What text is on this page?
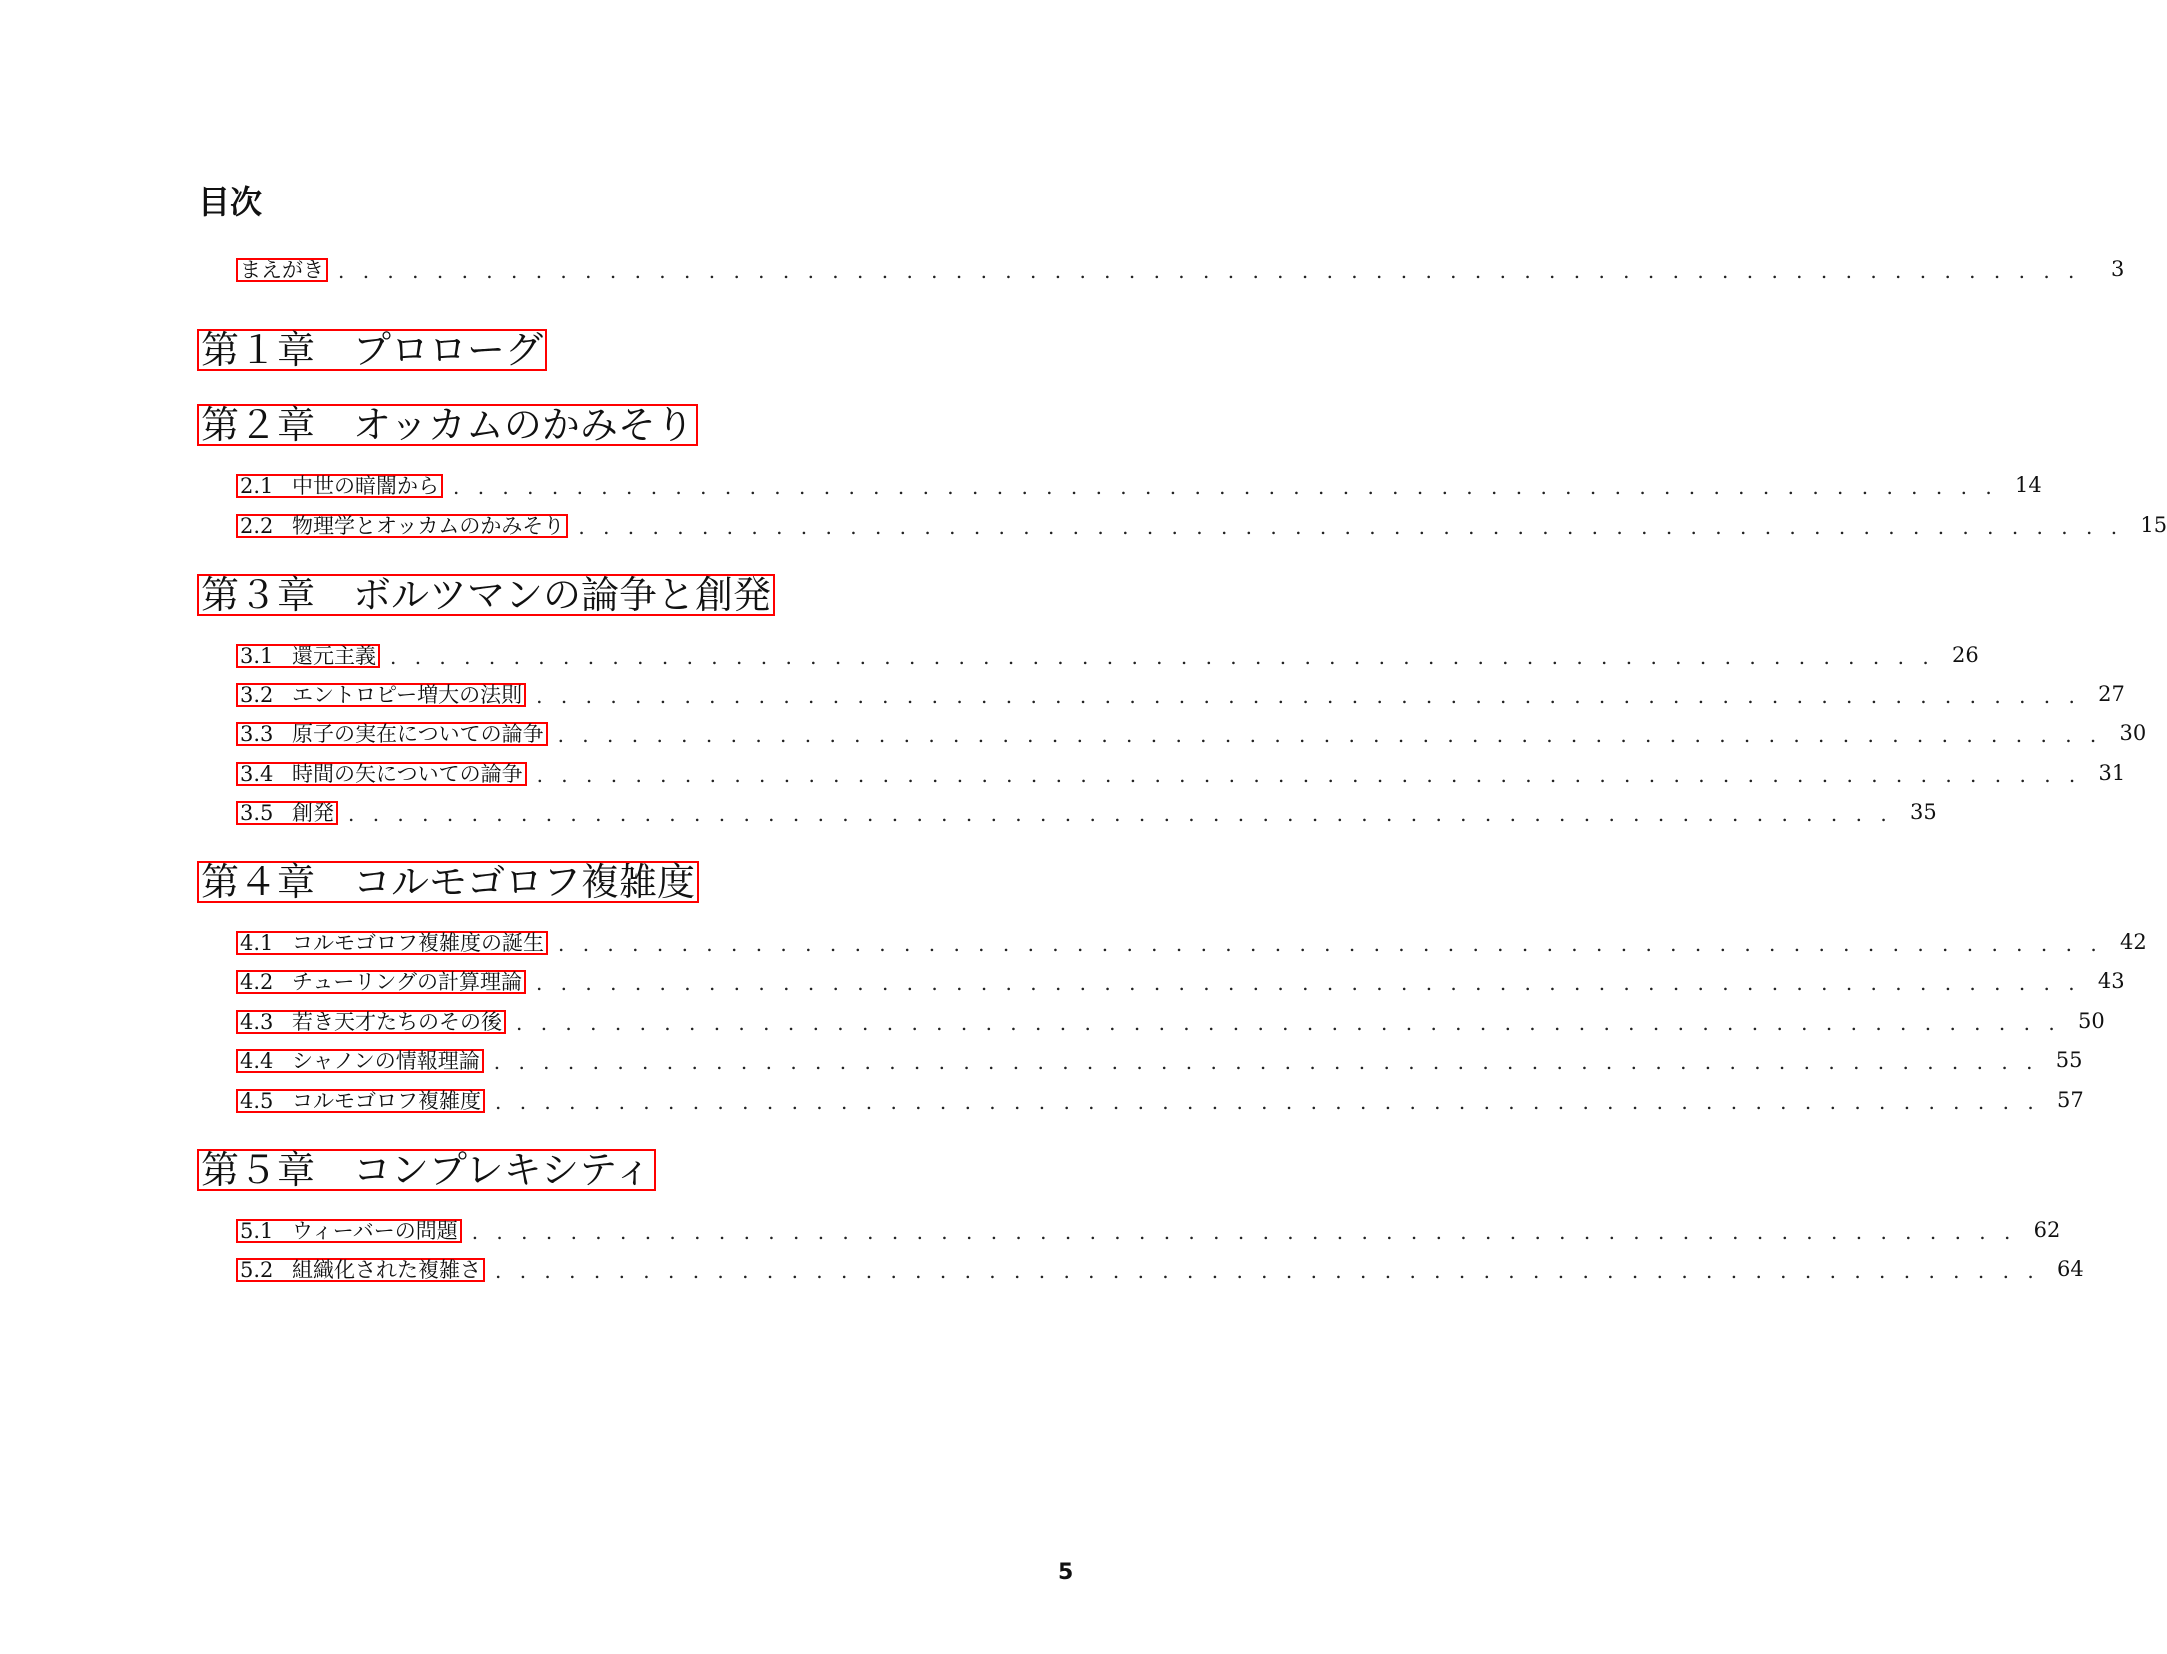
目次
まえがき . . . . . . . . . . . . . . . . . . . . . . . . . . . . . . . . . . . . . . . . . . . . . . . . . . . . . . . . . . . . . . . . . . . . . . .	3
第１章　プロローグ
第２章　オッカムのかみそり
2.1 中世の暗闇から . . . . . . . . . . . . . . . . . . . . . . . . . . . . . . . . . . . . . . . . . . . . . . . . . . . . . . . . . . . . . . . 14
2.2 物理学とオッカムのかみそり . . . . . . . . . . . . . . . . . . . . . . . . . . . . . . . . . . . . . . . . . . . . . . . . . . . . . . . . . . . . . . . 15
第３章　ボルツマンの論争と創発
3.1 還元主義 . . . . . . . . . . . . . . . . . . . . . . . . . . . . . . . . . . . . . . . . . . . . . . . . . . . . . . . . . . . . . . . 26
3.2 エントロピー増大の法則 . . . . . . . . . . . . . . . . . . . . . . . . . . . . . . . . . . . . . . . . . . . . . . . . . . . . . . . . . . . . . . . 27
3.3 原子の実在についての論争 . . . . . . . . . . . . . . . . . . . . . . . . . . . . . . . . . . . . . . . . . . . . . . . . . . . . . . . . . . . . . . . 30
3.4 時間の矢についての論争 . . . . . . . . . . . . . . . . . . . . . . . . . . . . . . . . . . . . . . . . . . . . . . . . . . . . . . . . . . . . . . . 31
3.5 創発 . . . . . . . . . . . . . . . . . . . . . . . . . . . . . . . . . . . . . . . . . . . . . . . . . . . . . . . . . . . . . . . 35
第４章　コルモゴロフ複雑度
4.1 コルモゴロフ複雑度の誕生 . . . . . . . . . . . . . . . . . . . . . . . . . . . . . . . . . . . . . . . . . . . . . . . . . . . . . . . . . . . . . . . 42
4.2 チューリングの計算理論 . . . . . . . . . . . . . . . . . . . . . . . . . . . . . . . . . . . . . . . . . . . . . . . . . . . . . . . . . . . . . . . 43
4.3 若き天才たちのその後 . . . . . . . . . . . . . . . . . . . . . . . . . . . . . . . . . . . . . . . . . . . . . . . . . . . . . . . . . . . . . . . 50
4.4 シャノンの情報理論 . . . . . . . . . . . . . . . . . . . . . . . . . . . . . . . . . . . . . . . . . . . . . . . . . . . . . . . . . . . . . . . 55
4.5 コルモゴロフ複雑度 . . . . . . . . . . . . . . . . . . . . . . . . . . . . . . . . . . . . . . . . . . . . . . . . . . . . . . . . . . . . . . . 57
第５章　コンプレキシティ
5.1 ウィーバーの問題 . . . . . . . . . . . . . . . . . . . . . . . . . . . . . . . . . . . . . . . . . . . . . . . . . . . . . . . . . . . . . . . 62
5.2 組織化された複雑さ . . . . . . . . . . . . . . . . . . . . . . . . . . . . . . . . . . . . . . . . . . . . . . . . . . . . . . . . . . . . . . . 64
5
